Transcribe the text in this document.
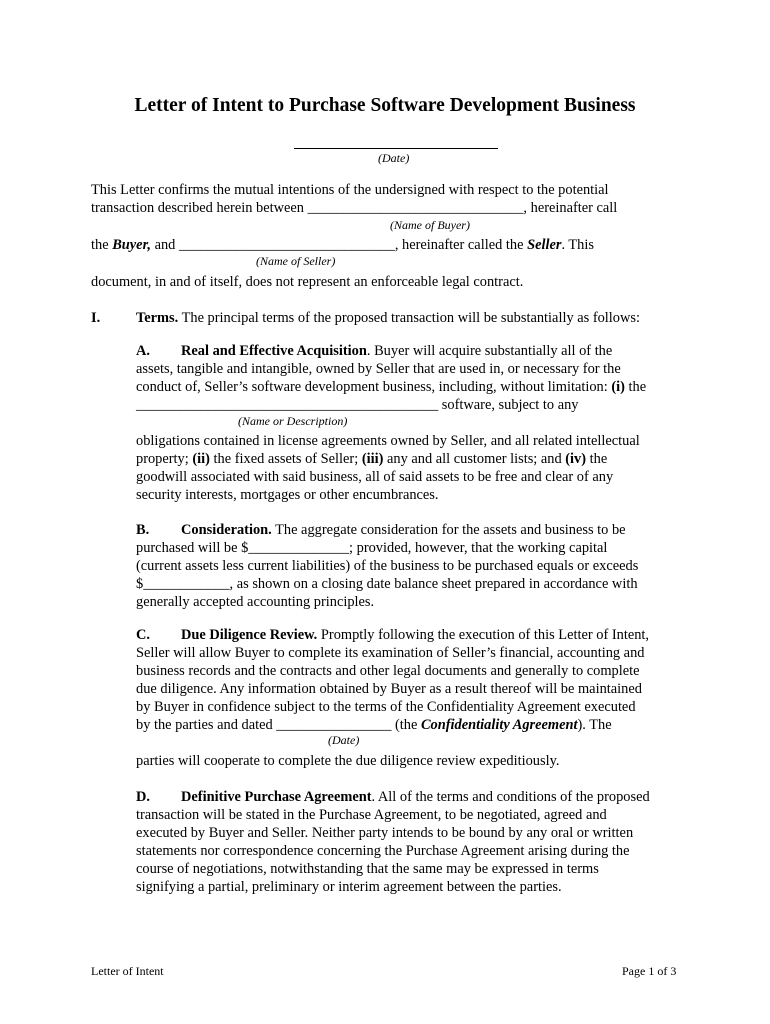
Letter of Intent to Purchase Software Development Business
(Date)
This Letter confirms the mutual intentions of the undersigned with respect to the potential
transaction described herein between ______________________________, hereinafter call
(Name of Buyer)
the Buyer, and ______________________________, hereinafter called the Seller. This
(Name of Seller)
document, in and of itself, does not represent an enforceable legal contract.
I. Terms. The principal terms of the proposed transaction will be substantially as follows:
A. Real and Effective Acquisition. Buyer will acquire substantially all of the
assets, tangible and intangible, owned by Seller that are used in, or necessary for the
conduct of, Seller’s software development business, including, without limitation: (i) the
__________________________________________ software, subject to any
(Name or Description)
obligations contained in license agreements owned by Seller, and all related intellectual
property; (ii) the fixed assets of Seller; (iii) any and all customer lists; and (iv) the
goodwill associated with said business, all of said assets to be free and clear of any
security interests, mortgages or other encumbrances.
B. Consideration. The aggregate consideration for the assets and business to be
purchased will be $______________; provided, however, that the working capital
(current assets less current liabilities) of the business to be purchased equals or exceeds
$____________, as shown on a closing date balance sheet prepared in accordance with
generally accepted accounting principles.
C. Due Diligence Review. Promptly following the execution of this Letter of Intent,
Seller will allow Buyer to complete its examination of Seller’s financial, accounting and
business records and the contracts and other legal documents and generally to complete
due diligence. Any information obtained by Buyer as a result thereof will be maintained
by Buyer in confidence subject to the terms of the Confidentiality Agreement executed
by the parties and dated ________________ (the Confidentiality Agreement). The
(Date)
parties will cooperate to complete the due diligence review expeditiously.
D. Definitive Purchase Agreement. All of the terms and conditions of the proposed
transaction will be stated in the Purchase Agreement, to be negotiated, agreed and
executed by Buyer and Seller. Neither party intends to be bound by any oral or written
statements nor correspondence concerning the Purchase Agreement arising during the
course of negotiations, notwithstanding that the same may be expressed in terms
signifying a partial, preliminary or interim agreement between the parties.
Letter of Intent	Page 1 of 3
